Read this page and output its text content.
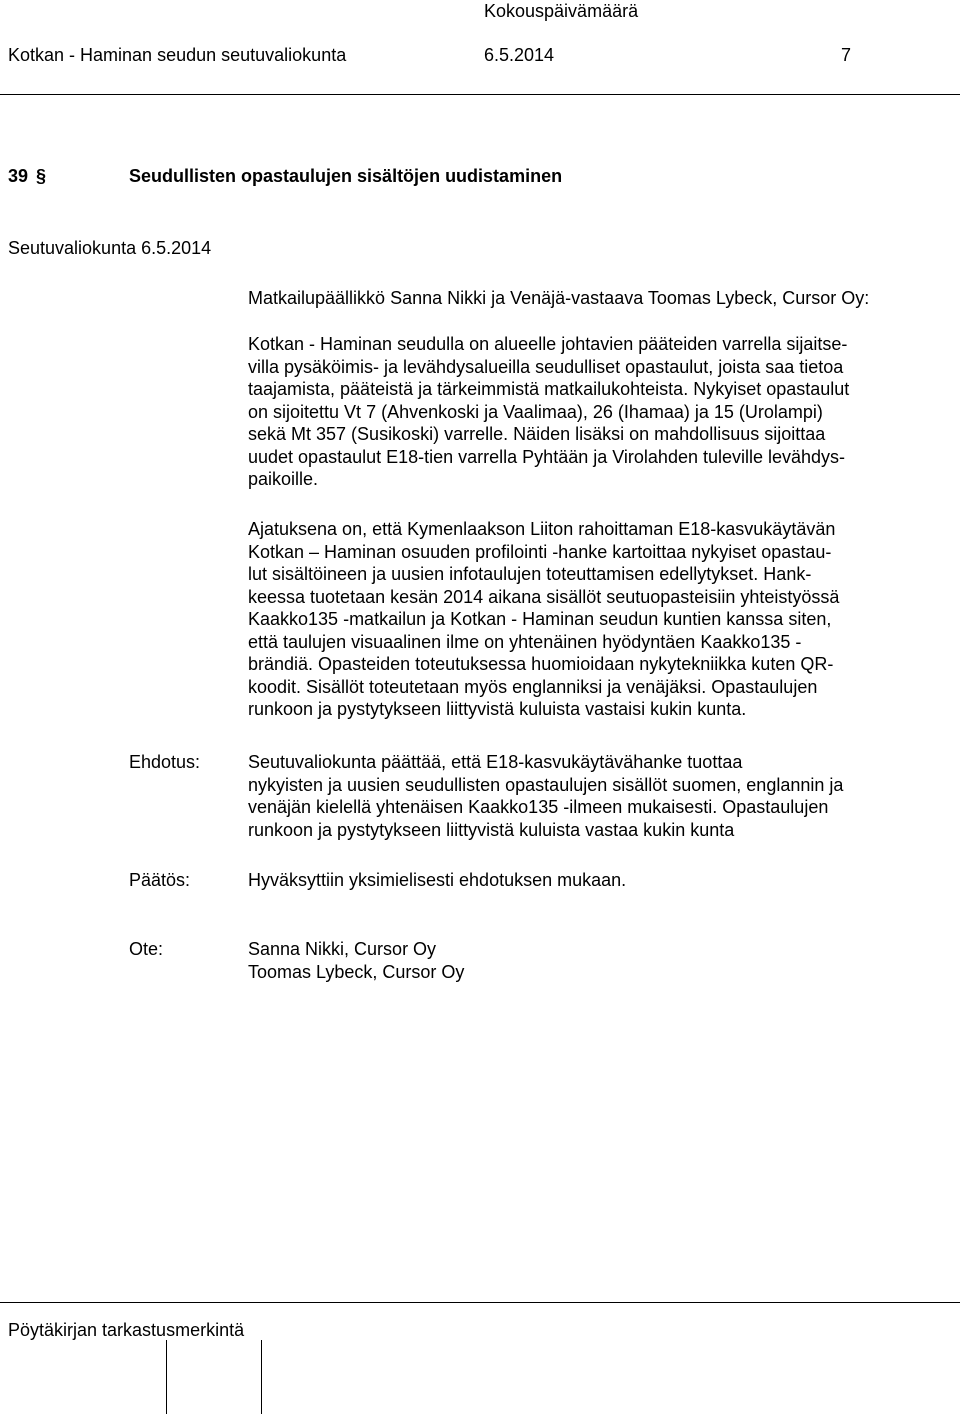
Kokouspäivämäärä
Kotkan - Haminan seudun seutuvaliokunta	6.5.2014	7
39 §	Seudullisten opastaulujen sisältöjen uudistaminen
Seutuvaliokunta 6.5.2014
Matkailupäällikkö Sanna Nikki ja Venäjä-vastaava Toomas Lybeck, Cursor Oy:
Kotkan - Haminan seudulla on alueelle johtavien pääteiden varrella sijaitse-
villa pysäköimis- ja levähdysalueilla seudulliset opastaulut, joista saa tietoa
taajamista, pääteistä ja tärkeimmistä matkailukohteista. Nykyiset opastaulut
on sijoitettu Vt 7 (Ahvenkoski ja Vaalimaa), 26 (Ihamaa) ja 15 (Urolampi)
sekä Mt 357 (Susikoski) varrelle. Näiden lisäksi on mahdollisuus sijoittaa
uudet opastaulut E18-tien varrella Pyhtään ja Virolahden tuleville levähdys-
paikoille.
Ajatuksena on, että Kymenlaakson Liiton rahoittaman E18-kasvukäytävän
Kotkan – Haminan osuuden profilointi -hanke kartoittaa nykyiset opastau-
lut sisältöineen ja uusien infotaulujen toteuttamisen edellytykset. Hank-
keessa tuotetaan kesän 2014 aikana sisällöt seutuopasteisiin yhteistyössä
Kaakko135 -matkailun ja Kotkan - Haminan seudun kuntien kanssa siten,
että taulujen visuaalinen ilme on yhtenäinen hyödyntäen Kaakko135 -
brändiä. Opasteiden toteutuksessa huomioidaan nykytekniikka kuten QR-
koodit. Sisällöt toteutetaan myös englanniksi ja venäjäksi. Opastaulujen
runkoon ja pystytykseen liittyvistä kuluista vastaisi kukin kunta.
Ehdotus:	Seutuvaliokunta päättää, että E18-kasvukäytävähanke tuottaa
nykyisten ja uusien seudullisten opastaulujen sisällöt suomen, englannin ja
venäjän kielellä yhtenäisen Kaakko135 -ilmeen mukaisesti. Opastaulujen
runkoon ja pystytykseen liittyvistä kuluista vastaa kukin kunta
Päätös:	Hyväksyttiin yksimielisesti ehdotuksen mukaan.
Ote:	Sanna Nikki, Cursor Oy
Toomas Lybeck, Cursor Oy
Pöytäkirjan tarkastusmerkintä
